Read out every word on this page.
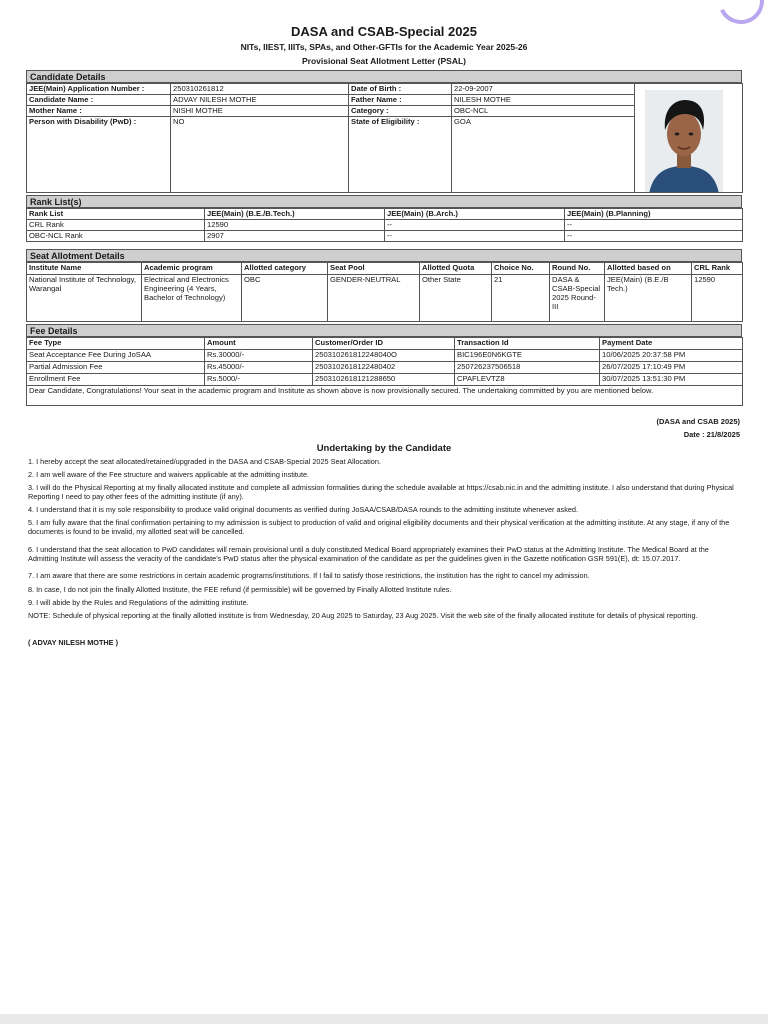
DASA and CSAB-Special 2025
NITs, IIEST, IIITs, SPAs, and Other-GFTIs for the Academic Year 2025-26
Provisional Seat Allotment Letter (PSAL)
Candidate Details
JEE(Main) Application Number :	250310261812	Date of Birth :	22-09-2007	

Candidate Name :	ADVAY NILESH MOTHE	Father Name :	NILESH MOTHE	
Mother Name :	NISHI MOTHE	Category :	OBC-NCL	
Person with Disability (PwD) :	NO	State of Eligibility :	GOA	
Rank List(s)
Rank List	JEE(Main) (B.E./B.Tech.)	JEE(Main) (B.Arch.)	JEE(Main) (B.Planning)
CRL Rank	12590	--	--
OBC-NCL Rank	2907	--	--
Seat Allotment Details
Institute Name	Academic program	Allotted category	Seat Pool	Allotted Quota	Choice No.	Round No.	Allotted based on	CRL Rank
National Institute of Technology, Warangal	Electrical and Electronics Engineering (4 Years, Bachelor of Technology)	OBC	GENDER-NEUTRAL	Other State	21	DASA & CSAB-Special 2025 Round-III	JEE(Main) (B.E./B Tech.)	12590
Fee Details
Fee Type	Amount	Customer/Order ID	Transaction Id	Payment Date
Seat Acceptance Fee During JoSAA	Rs.30000/-	250310261812248040O	BIC196E0N6KGTE	10/06/2025 20:37:58 PM
Partial Admission Fee	Rs.45000/-	250310261812248040​2	250726237506518	26/07/2025 17:10:49 PM
Enrollment Fee	Rs.5000/-	250310261812128865​0	CPAFLEVTZ8	30/07/2025 13:51:30 PM
Dear Candidate, Congratulations! Your seat in the academic program and Institute as shown above is now provisionally secured. The undertaking committed by you are mentioned below.				
(DASA and CSAB 2025)
Date : 21/8/2025
Undertaking by the Candidate
1. I hereby accept the seat allocated/retained/upgraded in the DASA and CSAB-Special 2025 Seat Allocation.
2. I am well aware of the Fee structure and waivers applicable at the admitting institute.
3. I will do the Physical Reporting at my finally allocated institute and complete all admission formalities during the schedule available at https://csab.nic.in and the admitting institute. I also understand that during Physical Reporting I need to pay other fees of the admitting institute (if any).
4. I understand that it is my sole responsibility to produce valid original documents as verified during JoSAA/CSAB/DASA rounds to the admitting institute whenever asked.
5. I am fully aware that the final confirmation pertaining to my admission is subject to production of valid and original eligibility documents and their physical verification at the admitting institute. At any stage, if any of the documents is found to be invalid, my allotted seat will be cancelled.
6. I understand that the seat allocation to PwD candidates will remain provisional until a duly constituted Medical Board appropriately examines their PwD status at the Admitting Institute. The Medical Board at the Admitting Institute will assess the veracity of the candidate's PwD status after the physical examination of the candidate as per the guidelines given in the Gazette notification GSR 591(E), dt: 15.07.2017.
7. I am aware that there are some restrictions in certain academic programs/institutions. If I fail to satisfy those restrictions, the institution has the right to cancel my admission.
8. In case, I do not join the finally Allotted Institute, the FEE refund (if permissible) will be governed by Finally Allotted Institute rules.
9. I will abide by the Rules and Regulations of the admitting institute.
NOTE: Schedule of physical reporting at the finally allotted institute is from Wednesday, 20 Aug 2025 to Saturday, 23 Aug 2025. Visit the web site of the finally allocated institute for details of physical reporting.
( ADVAY NILESH MOTHE )
